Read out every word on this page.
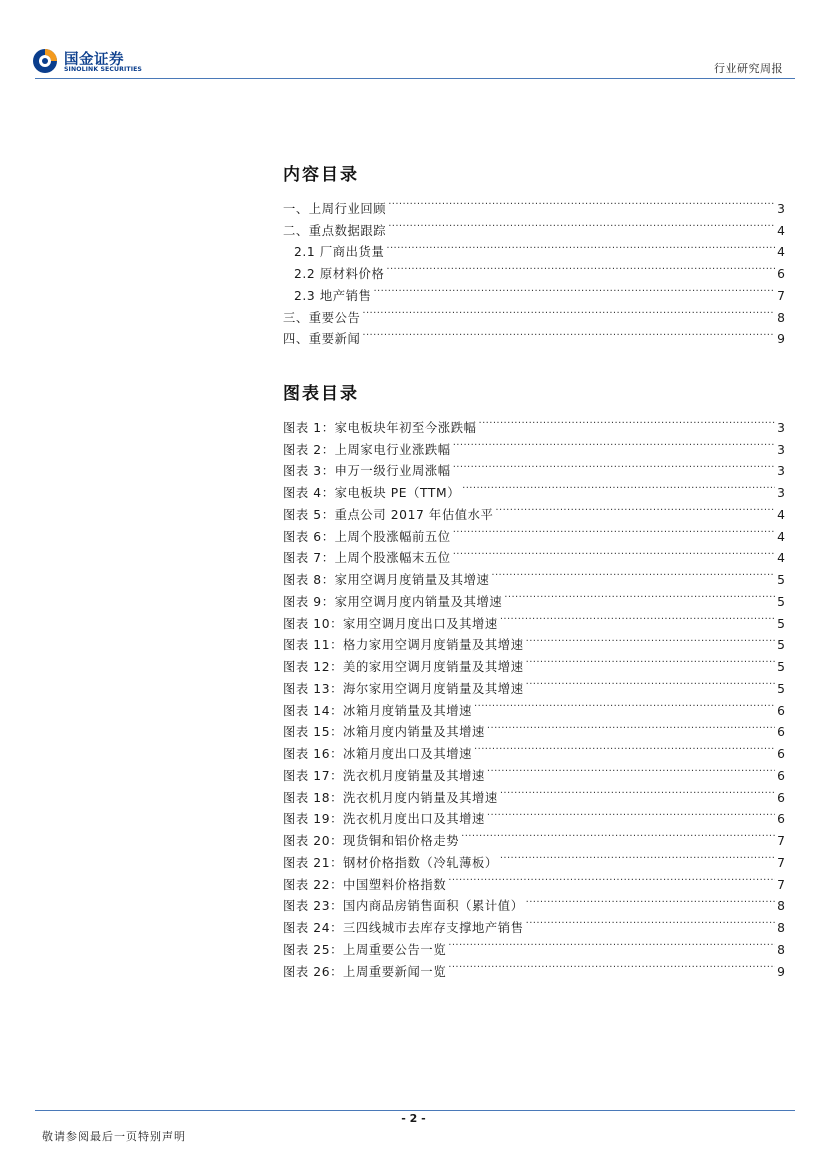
国金证券
SINOLINK SECURITIES	行业研究周报
内容目录
一、上周行业回顾 .....	3
二、重点数据跟踪 .....	4
2.1 厂商出货量 .....	4
2.2 原材料价格 .....	6
2.3 地产销售 .....	7
三、重要公告 .....	8
四、重要新闻 .....	9
图表目录
图表 1：家电板块年初至今涨跌幅 .....	3
图表 2：上周家电行业涨跌幅 .....	3
图表 3：申万一级行业周涨幅 .....	3
图表 4：家电板块 PE（TTM） .....	3
图表 5：重点公司 2017 年估值水平 .....	4
图表 6：上周个股涨幅前五位 .....	4
图表 7：上周个股涨幅末五位 .....	4
图表 8：家用空调月度销量及其增速 .....	5
图表 9：家用空调月度内销量及其增速 .....	5
图表 10：家用空调月度出口及其增速 .....	5
图表 11：格力家用空调月度销量及其增速 .....	5
图表 12：美的家用空调月度销量及其增速 .....	5
图表 13：海尔家用空调月度销量及其增速 .....	5
图表 14：冰箱月度销量及其增速 .....	6
图表 15：冰箱月度内销量及其增速 .....	6
图表 16：冰箱月度出口及其增速 .....	6
图表 17：洗衣机月度销量及其增速 .....	6
图表 18：洗衣机月度内销量及其增速 .....	6
图表 19：洗衣机月度出口及其增速 .....	6
图表 20：现货铜和铝价格走势 .....	7
图表 21：钢材价格指数（冷轧薄板） .....	7
图表 22：中国塑料价格指数 .....	7
图表 23：国内商品房销售面积（累计值） .....	8
图表 24：三四线城市去库存支撑地产销售 .....	8
图表 25：上周重要公告一览 .....	8
图表 26：上周重要新闻一览 .....	9
- 2 -
敬请参阅最后一页特别声明
